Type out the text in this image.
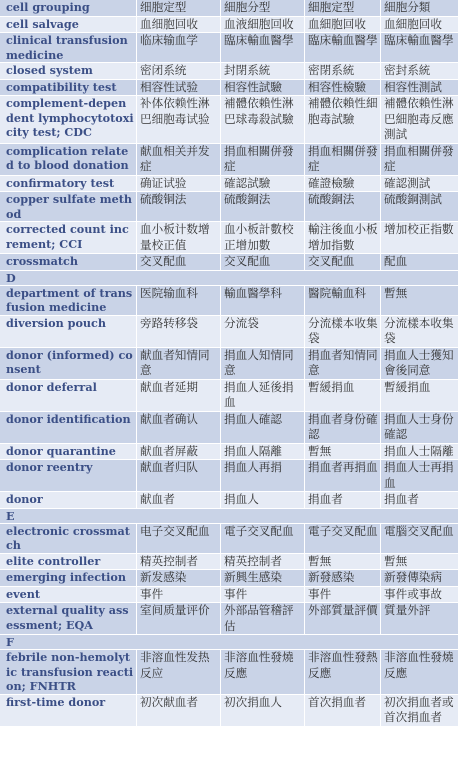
cell grouping	细胞定型	細胞分型	細胞定型	細胞分類
cell salvage	血细胞回收	血液細胞回收	血細胞回收	血細胞回收
clinical transfusion medicine	临床输血学	臨床輸血醫學	臨床輸血醫學	臨床輸血醫學
closed system	密闭系统	封閉系統	密閉系統	密封系統
compatibility test	相容性试验	相容性試驗	相容性檢驗	相容性測試
complement-dependent lymphocytotoxicity test; CDC	补体依赖性淋巴细胞毒试验	補體依賴性淋巴球毒殺試驗	補體依賴性細胞毒試驗	補體依賴性淋巴細胞毒反應測試
complication related to blood donation	献血相关并发症	捐血相關併發症	捐血相關併發症	捐血相關併發症
confirmatory test	确证试验	確認試驗	確證檢驗	確認測試
copper sulfate method	硫酸铜法	硫酸銅法	硫酸銅法	硫酸銅測試
corrected count increment; CCI	血小板计数增量校正值	血小板計數校正增加數	輸注後血小板增加指數	增加校正指數
crossmatch	交叉配血	交叉配血	交叉配血	配血
D				
department of transfusion medicine	医院输血科	輸血醫學科	醫院輸血科	暫無
diversion pouch	旁路转移袋	分流袋	分流樣本收集袋	分流樣本收集袋
donor (informed) consent	献血者知情同意	捐血人知情同意	捐血者知情同意	捐血人士獲知會後同意
donor deferral	献血者延期	捐血人延後捐血	暫緩捐血	暫緩捐血
donor identification	献血者确认	捐血人確認	捐血者身份確認	捐血人士身份確認
donor quarantine	献血者屏蔽	捐血人隔離	暫無	捐血人士隔離
donor reentry	献血者归队	捐血人再捐	捐血者再捐血	捐血人士再捐血
donor	献血者	捐血人	捐血者	捐血者
E				
electronic crossmatch	电子交叉配血	電子交叉配血	電子交叉配血	電腦交叉配血
elite controller	精英控制者	精英控制者	暫無	暫無
emerging infection	新发感染	新興生感染	新發感染	新發傳染病
event	事件	事件	事件	事件或事故
external quality assessment; EQA	室间质量评价	外部品管稽評估	外部質量評價	質量外評
F				
febrile non-hemolytic transfusion reaction; FNHTR	非溶血性发热反应	非溶血性發燒反應	非溶血性發熱反應	非溶血性發燒反應
first-time donor	初次献血者	初次捐血人	首次捐血者	初次捐血者或首次捐血者
